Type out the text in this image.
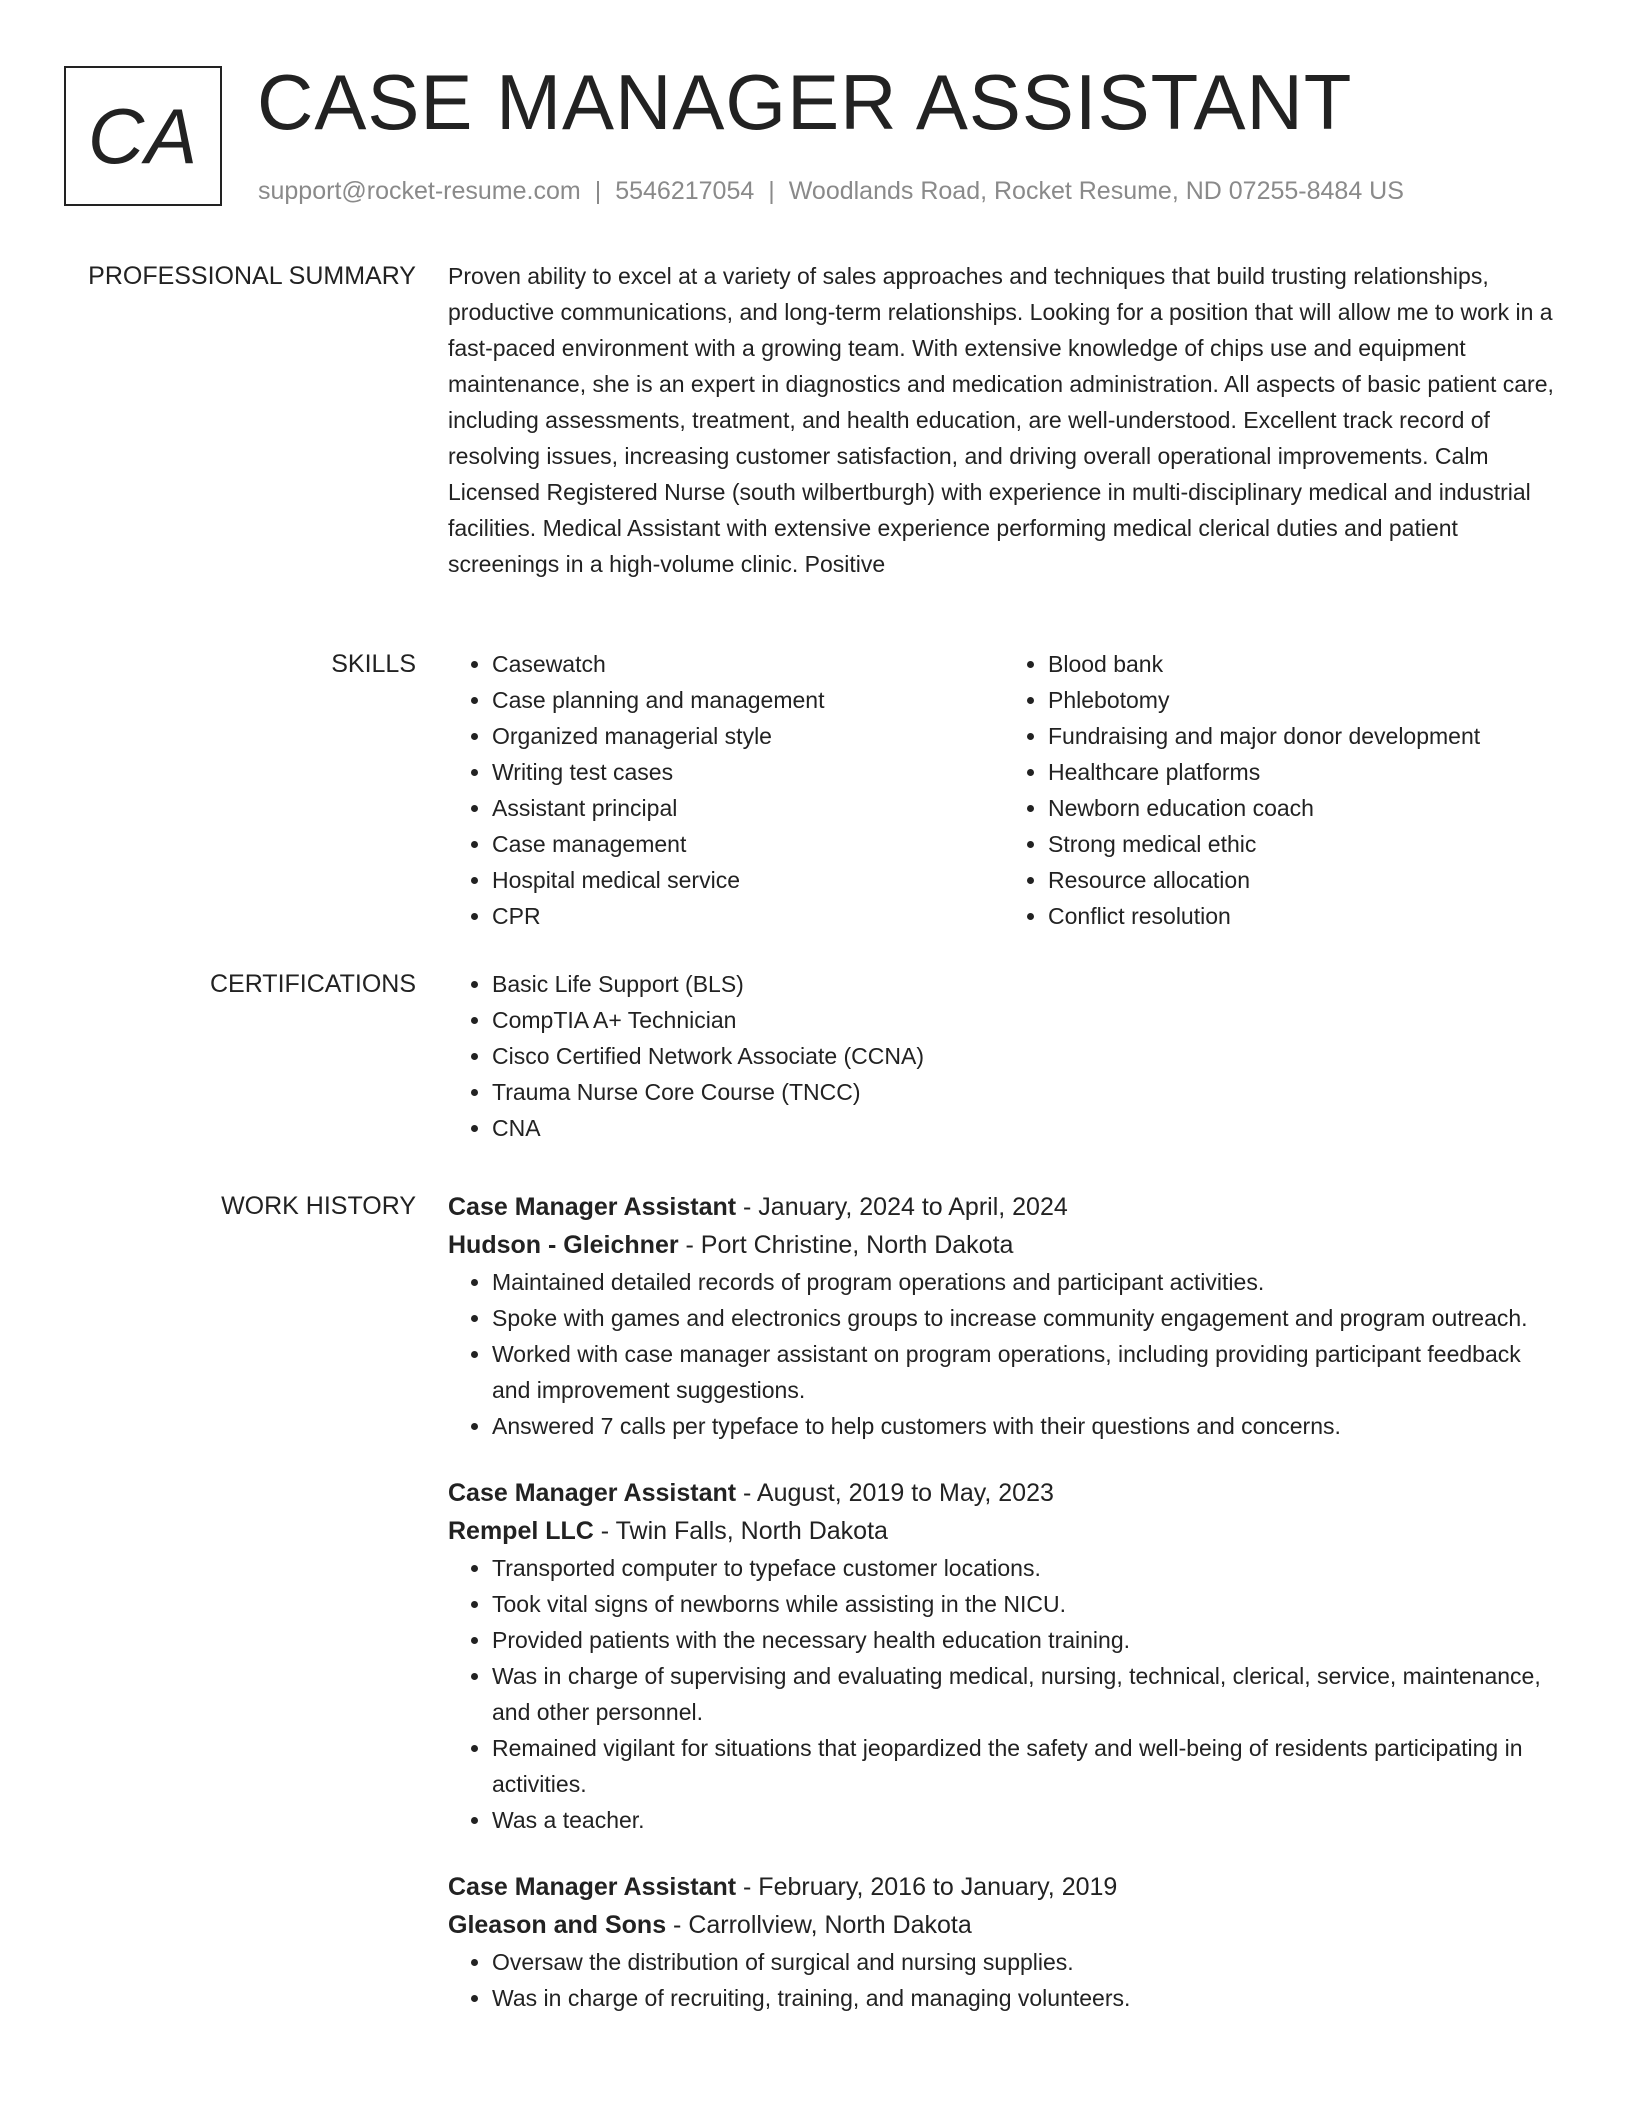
CA CASE MANAGER ASSISTANT
support@rocket-resume.com | 5546217054 | Woodlands Road, Rocket Resume, ND 07255-8484 US
PROFESSIONAL SUMMARY Proven ability to excel at a variety of sales approaches and techniques that build trusting relationships, productive communications, and long-term relationships. Looking for a position that will allow me to work in a fast-paced environment with a growing team. With extensive knowledge of chips use and equipment maintenance, she is an expert in diagnostics and medication administration. All aspects of basic patient care, including assessments, treatment, and health education, are well-understood. Excellent track record of resolving issues, increasing customer satisfaction, and driving overall operational improvements. Calm Licensed Registered Nurse (south wilbertburgh) with experience in multi-disciplinary medical and industrial facilities. Medical Assistant with extensive experience performing medical clerical duties and patient screenings in a high-volume clinic. Positive

SKILLS	• Casewatch
• Case planning and management
• Organized managerial style
• Writing test cases
• Assistant principal
• Case management
• Hospital medical service
• CPR
• Blood bank
• Phlebotomy
• Fundraising and major donor development
• Healthcare platforms
• Newborn education coach
• Strong medical ethic
• Resource allocation
• Conflict resolution
CERTIFICATIONS	• Basic Life Support (BLS)
• CompTIA A+ Technician
• Cisco Certified Network Associate (CCNA)
• Trauma Nurse Core Course (TNCC)
• CNA
WORK HISTORY Case Manager Assistant - January, 2024 to April, 2024
Hudson - Gleichner - Port Christine, North Dakota
• Maintained detailed records of program operations and participant activities.
• Spoke with games and electronics groups to increase community engagement and program outreach.
• Worked with case manager assistant on program operations, including providing participant feedback and improvement suggestions.
• Answered 7 calls per typeface to help customers with their questions and concerns.
Case Manager Assistant - August, 2019 to May, 2023
Rempel LLC - Twin Falls, North Dakota
• Transported computer to typeface customer locations.
• Took vital signs of newborns while assisting in the NICU.
• Provided patients with the necessary health education training.
• Was in charge of supervising and evaluating medical, nursing, technical, clerical, service, maintenance, and other personnel.
• Remained vigilant for situations that jeopardized the safety and well-being of residents participating in activities.
• Was a teacher.
Case Manager Assistant - February, 2016 to January, 2019
Gleason and Sons - Carrollview, North Dakota
• Oversaw the distribution of surgical and nursing supplies.
• Was in charge of recruiting, training, and managing volunteers.
